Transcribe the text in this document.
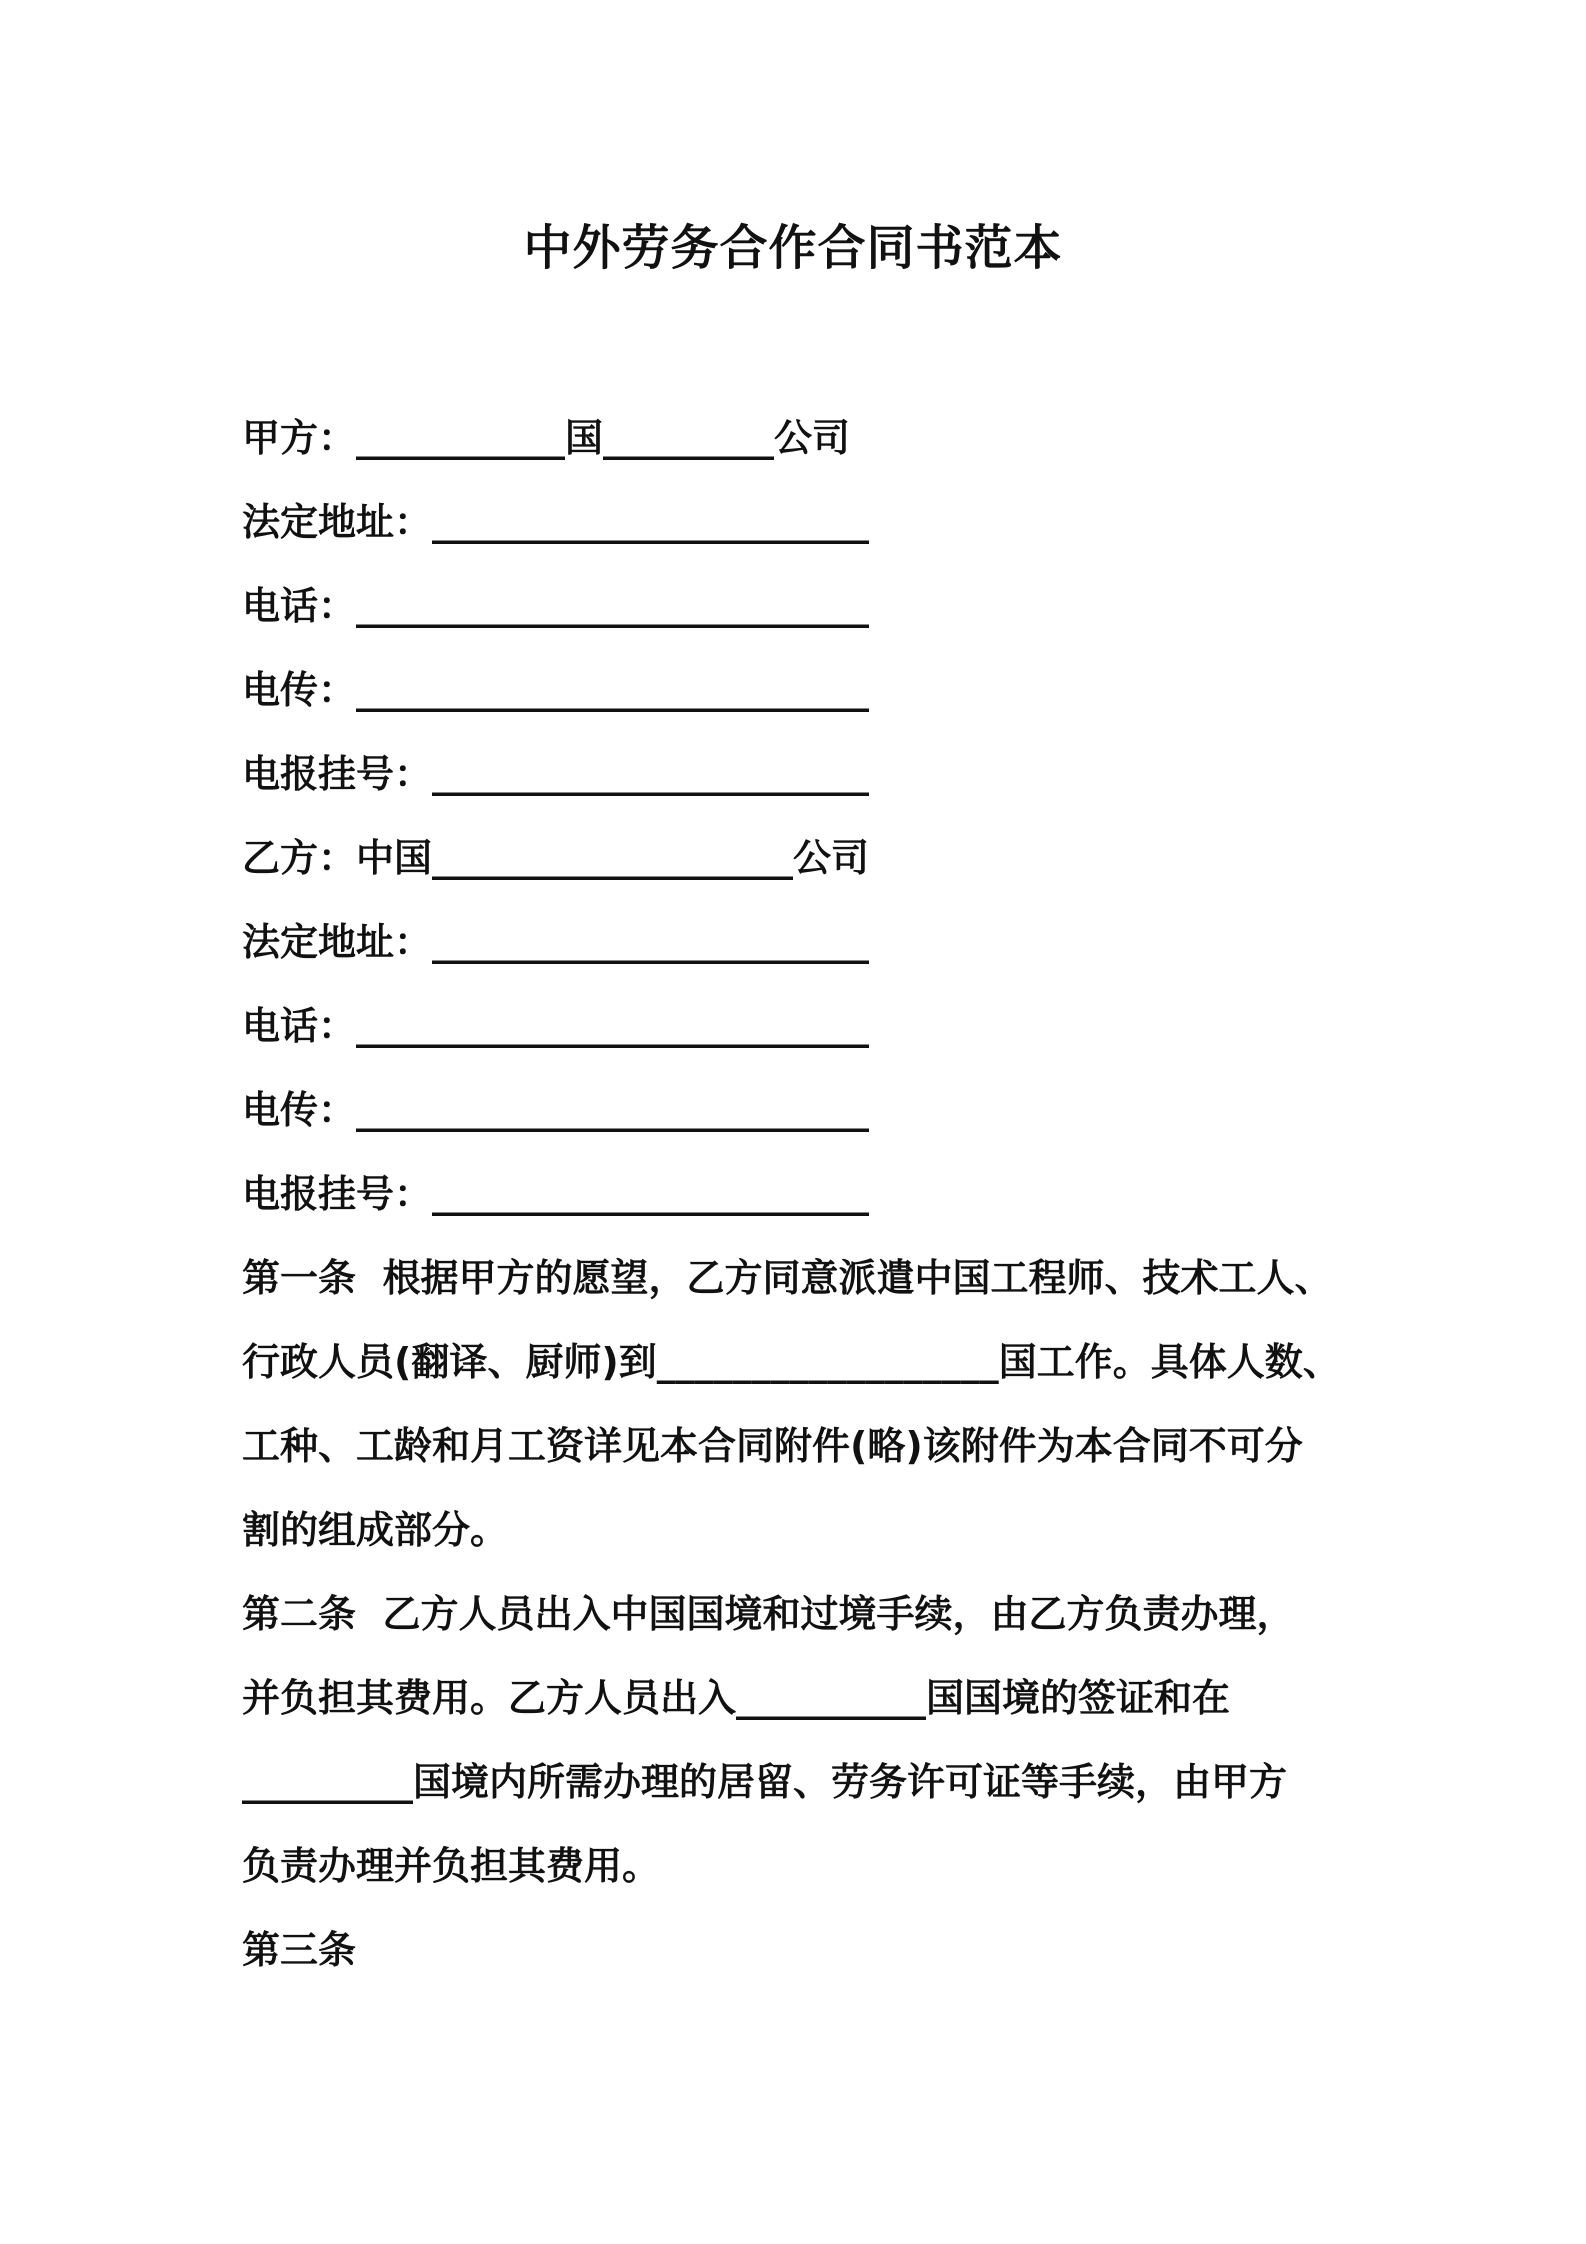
中外劳务合作合同书范本
甲方：___________国_________公司
法定地址：_______________________
电话：___________________________
电传：___________________________
电报挂号：_______________________
乙方：中国___________________公司
法定地址：_______________________
电话：___________________________
电传：___________________________
电报挂号：_______________________
第一条  根据甲方的愿望，乙方同意派遣中国工程师、技术工人、
行政人员(翻译、厨师)到__________________国工作。具体人数、
工种、工龄和月工资详见本合同附件(略)该附件为本合同不可分
割的组成部分。
第二条  乙方人员出入中国国境和过境手续，由乙方负责办理，
并负担其费用。乙方人员出入__________国国境的签证和在
_________国境内所需办理的居留、劳务许可证等手续，由甲方
负责办理并负担其费用。
第三条
